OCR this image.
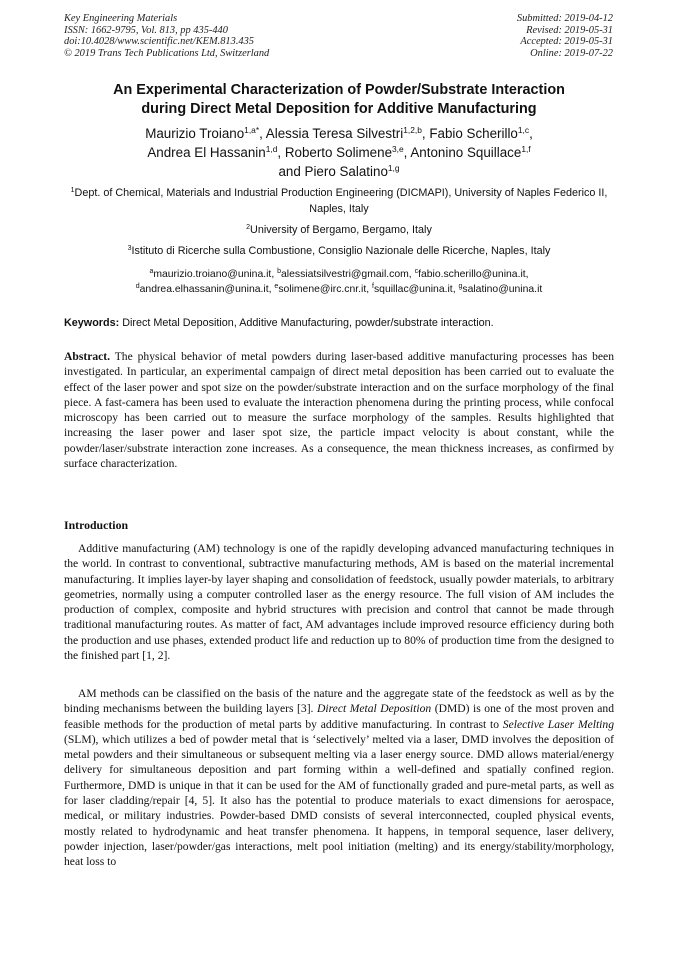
Key Engineering Materials
ISSN: 1662-9795, Vol. 813, pp 435-440
doi:10.4028/www.scientific.net/KEM.813.435
© 2019 Trans Tech Publications Ltd, Switzerland
Submitted: 2019-04-12
Revised: 2019-05-31
Accepted: 2019-05-31
Online: 2019-07-22
An Experimental Characterization of Powder/Substrate Interaction
during Direct Metal Deposition for Additive Manufacturing
Maurizio Troiano$^{1,a*}$, Alessia Teresa Silvestri$^{1,2,b}$, Fabio Scherillo$^{1,c}$,
Andrea El Hassanin$^{1,d}$, Roberto Solimene$^{3,e}$, Antonino Squillace$^{1,f}$
and Piero Salatino$^{1,g}$
$^1$Dept. of Chemical, Materials and Industrial Production Engineering (DICMAPI), University of Naples Federico II, Naples, Italy
$^2$University of Bergamo, Bergamo, Italy
$^3$Istituto di Ricerche sulla Combustione, Consiglio Nazionale delle Ricerche, Naples, Italy
$^a$maurizio.troiano@unina.it, $^b$alessiatsilvestri@gmail.com, $^c$fabio.scherillo@unina.it,
$^d$andrea.elhassanin@unina.it, $^e$solimene@irc.cnr.it, $^f$squillac@unina.it, $^g$salatino@unina.it
Keywords: Direct Metal Deposition, Additive Manufacturing, powder/substrate interaction.

Abstract. The physical behavior of metal powders during laser-based additive manufacturing processes has been investigated. In particular, an experimental campaign of direct metal deposition has been carried out to evaluate the effect of the laser power and spot size on the powder/substrate interaction and on the surface morphology of the final piece. A fast-camera has been used to evaluate the interaction phenomena during the printing process, while confocal microscopy has been carried out to measure the surface morphology of the samples. Results highlighted that increasing the laser power and laser spot size, the particle impact velocity is about constant, while the powder/laser/substrate interaction zone increases. As a consequence, the mean thickness increases, as confirmed by surface characterization.

Introduction

Additive manufacturing (AM) technology is one of the rapidly developing advanced manufacturing techniques in the world. In contrast to conventional, subtractive manufacturing methods, AM is based on the material incremental manufacturing. It implies layer-by layer shaping and consolidation of feedstock, usually powder materials, to arbitrary geometries, normally using a computer controlled laser as the energy resource. The full vision of AM includes the production of complex, composite and hybrid structures with precision and control that cannot be made through traditional manufacturing routes. As matter of fact, AM advantages include improved resource efficiency during both the production and use phases, extended product life and reduction up to 80% of production time from the designed to the finished part [1, 2].

AM methods can be classified on the basis of the nature and the aggregate state of the feedstock as well as by the binding mechanisms between the building layers [3]. Direct Metal Deposition (DMD) is one of the most proven and feasible methods for the production of metal parts by additive manufacturing. In contrast to Selective Laser Melting (SLM), which utilizes a bed of powder metal that is ‘selectively’ melted via a laser, DMD involves the deposition of metal powders and their simultaneous or subsequent melting via a laser energy source. DMD allows material/energy delivery for simultaneous deposition and part forming within a well-defined and spatially confined region. Furthermore, DMD is unique in that it can be used for the AM of functionally graded and pure-metal parts, as well as for laser cladding/repair [4, 5]. It also has the potential to produce materials to exact dimensions for aerospace, medical, or military industries. Powder-based DMD consists of several interconnected, coupled physical events, mostly related to hydrodynamic and heat transfer phenomena. It happens, in temporal sequence, laser delivery, powder injection, laser/powder/gas interactions, melt pool initiation (melting) and its energy/stability/morphology, heat loss to
